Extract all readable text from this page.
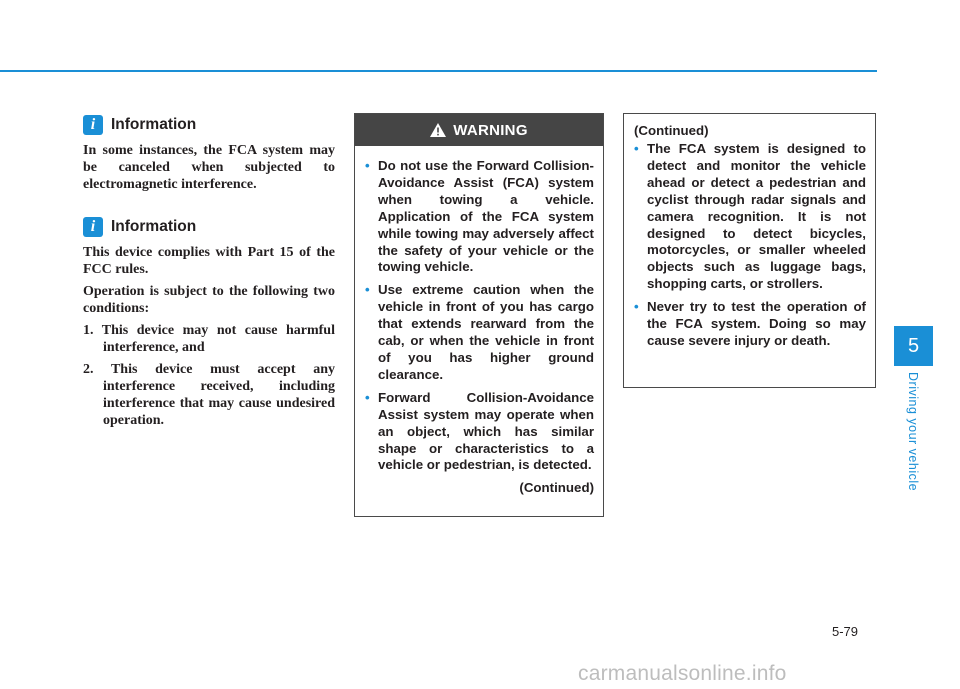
i	Information

In some instances, the FCA system may be canceled when subjected to electromagnetic interference.

i	Information

This device complies with Part 15 of the FCC rules.

Operation is subject to the following two conditions:

1. This device may not cause harmful interference, and

2. This device must accept any interference received, including interference that may cause undesired operation.

WARNING

• Do not use the Forward Collision-Avoidance Assist (FCA) system when towing a vehicle. Application of the FCA system while towing may adversely affect the safety of your vehicle or the towing vehicle.

• Use extreme caution when the vehicle in front of you has cargo that extends rearward from the cab, or when the vehicle in front of you has higher ground clearance.

• Forward Collision-Avoidance Assist system may operate when an object, which has similar shape or characteristics to a vehicle or pedestrian, is detected.

(Continued)

(Continued)

• The FCA system is designed to detect and monitor the vehicle ahead or detect a pedestrian and cyclist through radar signals and camera recognition. It is not designed to detect bicycles, motorcycles, or smaller wheeled objects such as luggage bags, shopping carts, or strollers.

• Never try to test the operation of the FCA system. Doing so may cause severe injury or death.	5
Driving your vehicle
5-79
carmanualsonline.info
